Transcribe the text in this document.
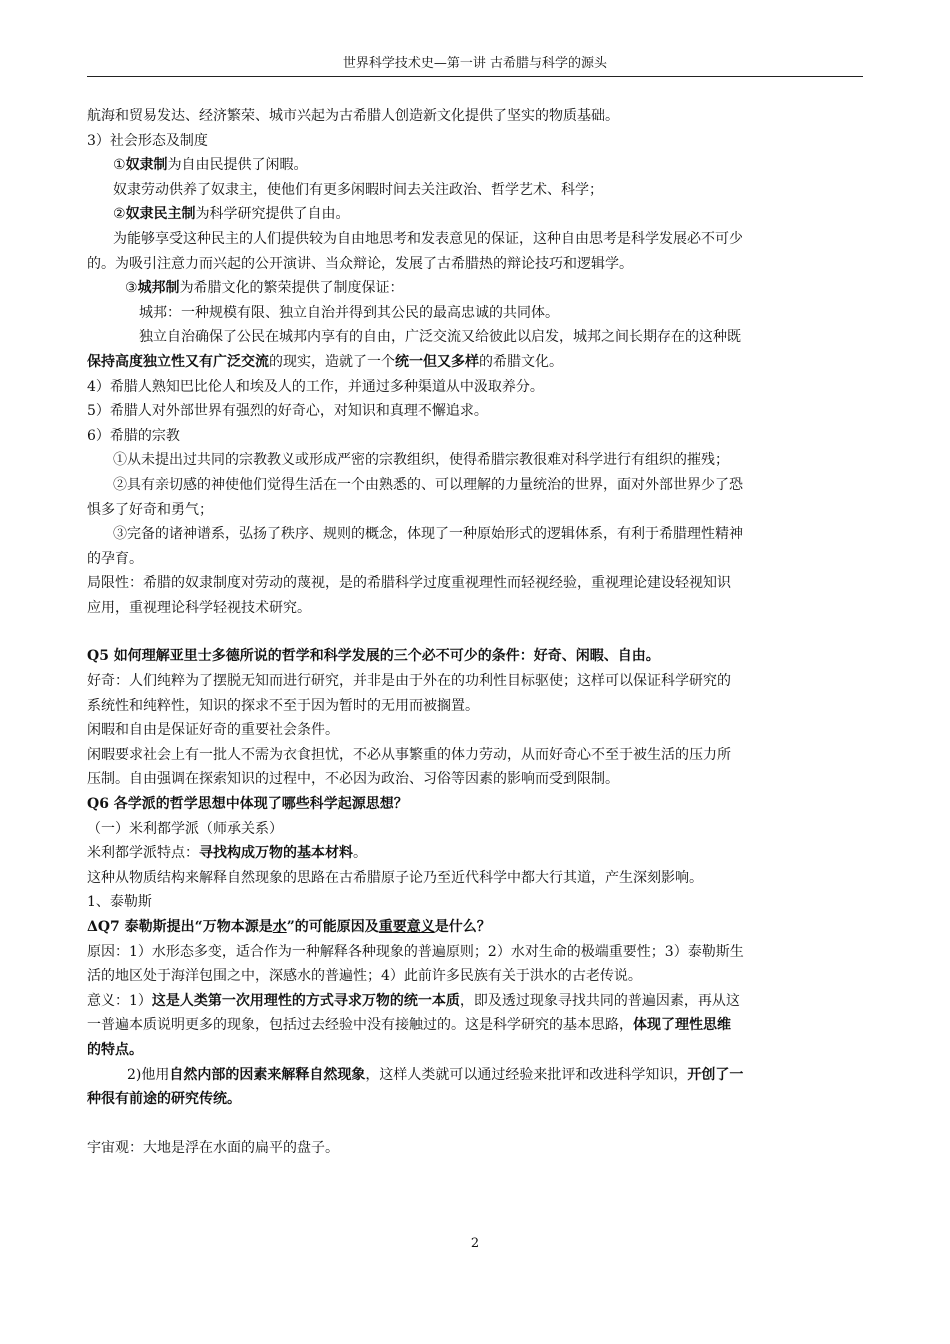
世界科学技术史—第一讲 古希腊与科学的源头
航海和贸易发达、经济繁荣、城市兴起为古希腊人创造新文化提供了坚实的物质基础。
3）社会形态及制度
①奴隶制为自由民提供了闲暇。
奴隶劳动供养了奴隶主，使他们有更多闲暇时间去关注政治、哲学艺术、科学；
②奴隶民主制为科学研究提供了自由。
为能够享受这种民主的人们提供较为自由地思考和发表意见的保证，这种自由思考是科学发展必不可少
的。为吸引注意力而兴起的公开演讲、当众辩论，发展了古希腊热的辩论技巧和逻辑学。
③城邦制为希腊文化的繁荣提供了制度保证：
城邦：一种规模有限、独立自治并得到其公民的最高忠诚的共同体。
独立自治确保了公民在城邦内享有的自由，广泛交流又给彼此以启发，城邦之间长期存在的这种既
保持高度独立性又有广泛交流的现实，造就了一个统一但又多样的希腊文化。
4）希腊人熟知巴比伦人和埃及人的工作，并通过多种渠道从中汲取养分。
5）希腊人对外部世界有强烈的好奇心，对知识和真理不懈追求。
6）希腊的宗教
①从未提出过共同的宗教教义或形成严密的宗教组织，使得希腊宗教很难对科学进行有组织的摧残；
②具有亲切感的神使他们觉得生活在一个由熟悉的、可以理解的力量统治的世界，面对外部世界少了恐
惧多了好奇和勇气；
③完备的诸神谱系，弘扬了秩序、规则的概念，体现了一种原始形式的逻辑体系，有利于希腊理性精神
的孕育。
局限性：希腊的奴隶制度对劳动的蔑视，是的希腊科学过度重视理性而轻视经验，重视理论建设轻视知识
应用，重视理论科学轻视技术研究。
Q5 如何理解亚里士多德所说的哲学和科学发展的三个必不可少的条件：好奇、闲暇、自由。
好奇：人们纯粹为了摆脱无知而进行研究，并非是由于外在的功利性目标驱使；这样可以保证科学研究的
系统性和纯粹性，知识的探求不至于因为暂时的无用而被搁置。
闲暇和自由是保证好奇的重要社会条件。
闲暇要求社会上有一批人不需为衣食担忧，不必从事繁重的体力劳动，从而好奇心不至于被生活的压力所
压制。自由强调在探索知识的过程中，不必因为政治、习俗等因素的影响而受到限制。
Q6 各学派的哲学思想中体现了哪些科学起源思想？
（一）米利都学派（师承关系）
米利都学派特点：寻找构成万物的基本材料。
这种从物质结构来解释自然现象的思路在古希腊原子论乃至近代科学中都大行其道，产生深刻影响。
1、泰勒斯
ΔQ7 泰勒斯提出“万物本源是水”的可能原因及重要意义是什么？
原因：1）水形态多变，适合作为一种解释各种现象的普遍原则；2）水对生命的极端重要性；3）泰勒斯生
活的地区处于海洋包围之中，深感水的普遍性；4）此前许多民族有关于洪水的古老传说。
意义：1）这是人类第一次用理性的方式寻求万物的统一本质，即及透过现象寻找共同的普遍因素，再从这
一普遍本质说明更多的现象，包括过去经验中没有接触过的。这是科学研究的基本思路，体现了理性思维
的特点。
2)他用自然内部的因素来解释自然现象，这样人类就可以通过经验来批评和改进科学知识，开创了一
种很有前途的研究传统。
宇宙观：大地是浮在水面的扁平的盘子。
2
